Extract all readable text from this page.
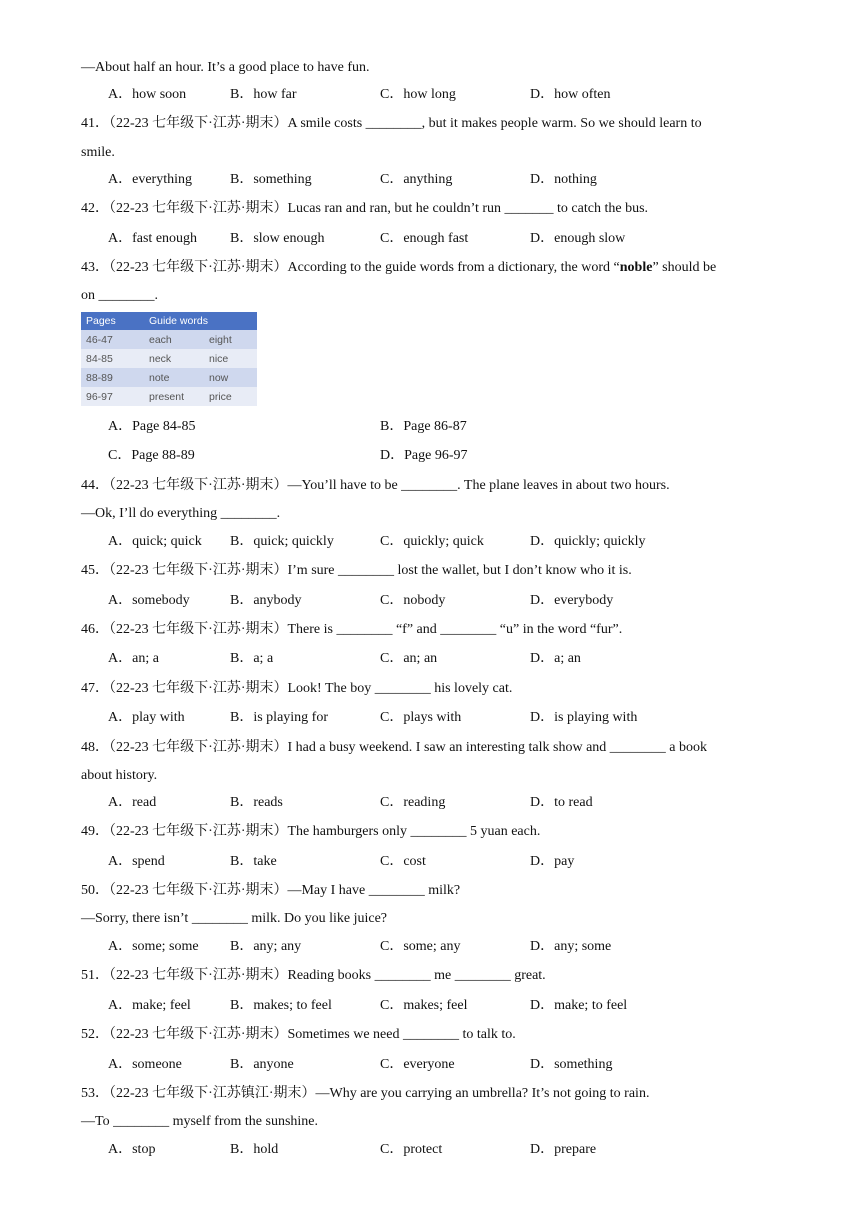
—About half an hour. It’s a good place to have fun.
A．how soon	B．how far	C．how long	D．how often
41．（22-23 七年级下·江苏·期末）A smile costs ________, but it makes people warm. So we should learn to
smile.
A．everything	B．something	C．anything	D．nothing
42．（22-23 七年级下·江苏·期末）Lucas ran and ran, but he couldn’t run _______ to catch the bus.
A．fast enough B．slow enough	C．enough fast	D．enough slow
43．（22-23 七年级下·江苏·期末）According to the guide words from a dictionary, the word “noble” should be
on ________.
Pages	Guide words	
46-47	each	eight
84-85	neck	nice
88-89	note	now
96-97	present	price
A．Page 84-85	B．Page 86-87
C．Page 88-89	D．Page 96-97
44．（22-23 七年级下·江苏·期末）—You’ll have to be ________. The plane leaves in about two hours.
—Ok, I’ll do everything ________.
A．quick; quick B．quick; quickly	C．quickly; quick	D．quickly; quickly
45．（22-23 七年级下·江苏·期末）I’m sure ________ lost the wallet, but I don’t know who it is.
A．somebody	B．anybody	C．nobody	D．everybody
46．（22-23 七年级下·江苏·期末）There is ________ “f” and ________ “u” in the word “fur”.
A．an; a	B．a; a	C．an; an	D．a; an
47．（22-23 七年级下·江苏·期末）Look! The boy ________ his lovely cat.
A．play with	B．is playing for	C．plays with	D．is playing with
48．（22-23 七年级下·江苏·期末）I had a busy weekend. I saw an interesting talk show and ________ a book
about history.
A．read	B．reads	C．reading	D．to read
49．（22-23 七年级下·江苏·期末）The hamburgers only ________ 5 yuan each.
A．spend	B．take	C．cost	D．pay
50．（22-23 七年级下·江苏·期末）—May I have ________ milk?
—Sorry, there isn’t ________ milk. Do you like juice?
A．some; some B．any; any	C．some; any	D．any; some
51．（22-23 七年级下·江苏·期末）Reading books ________ me ________ great.
A．make; feel	B．makes; to feel	C．makes; feel	D．make; to feel
52．（22-23 七年级下·江苏·期末）Sometimes we need ________ to talk to.
A．someone	B．anyone	C．everyone	D．something
53．（22-23 七年级下·江苏镇江·期末）—Why are you carrying an umbrella? It’s not going to rain.
—To ________ myself from the sunshine.
A．stop	B．hold	C．protect	D．prepare
